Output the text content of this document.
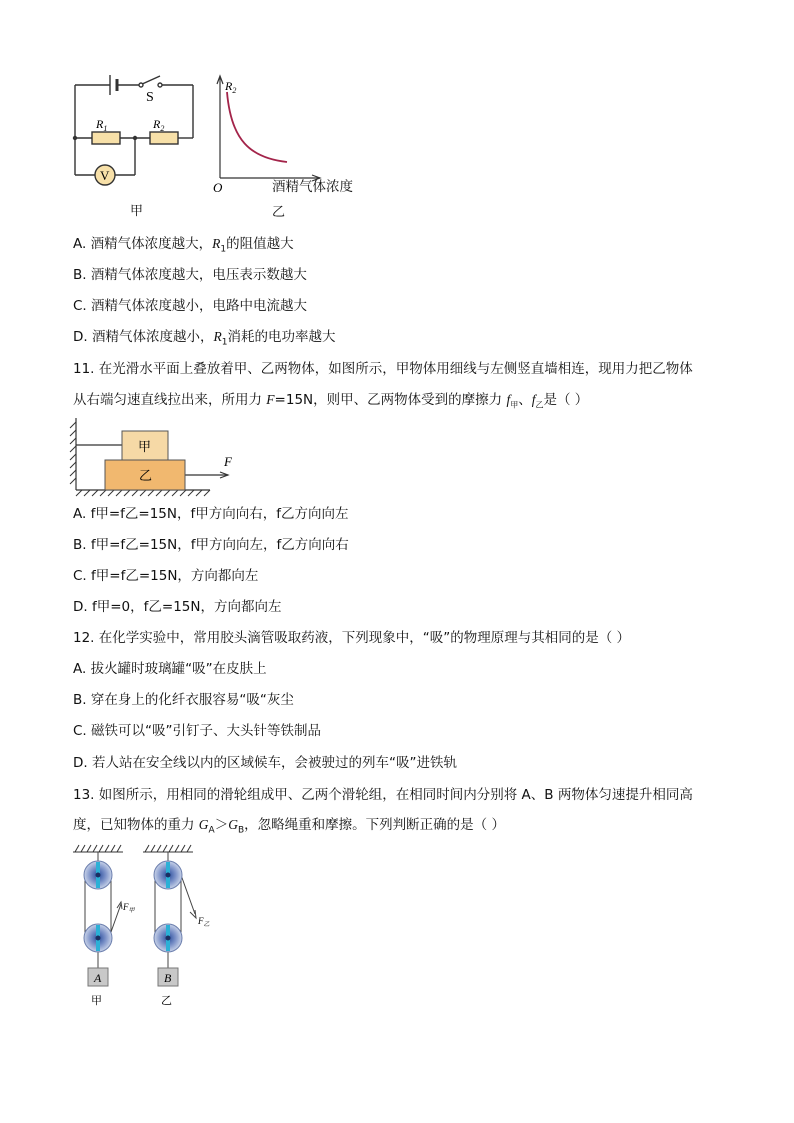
S
$R_1$	$R_2$
V
$R_2$
O	酒精气体浓度
甲	乙
A. 酒精气体浓度越大，$R_1$的阻值越大
B. 酒精气体浓度越大，电压表示数越大
C. 酒精气体浓度越小，电路中电流越大
D. 酒精气体浓度越小，$R_1$消耗的电功率越大
11. 在光滑水平面上叠放着甲、乙两物体，如图所示，甲物体用细线与左侧竖直墙相连，现用力把乙物体
从右端匀速直线拉出来，所用力 F=15N，则甲、乙两物体受到的摩擦力 $f_甲$、$f_乙$是（ ）
甲
乙
F
A. f甲=f乙=15N，f甲方向向右，f乙方向向左
B. f甲=f乙=15N，f甲方向向左，f乙方向向右
C. f甲=f乙=15N，方向都向左
D. f甲=0，f乙=15N，方向都向左
12. 在化学实验中，常用胶头滴管吸取药液，下列现象中，“吸”的物理原理与其相同的是（ ）
A. 拔火罐时玻璃罐“吸”在皮肤上
B. 穿在身上的化纤衣服容易“吸“灰尘
C. 磁铁可以“吸”引钉子、大头针等铁制品
D. 若人站在安全线以内的区域候车，会被驶过的列车“吸”进铁轨
13. 如图所示，用相同的滑轮组成甲、乙两个滑轮组，在相同时间内分别将 A、B 两物体匀速提升相同高
度，已知物体的重力 $G_A>G_B$，忽略绳重和摩擦。下列判断正确的是（ ）
A
$F_甲$
B
$F_乙$
甲	乙
